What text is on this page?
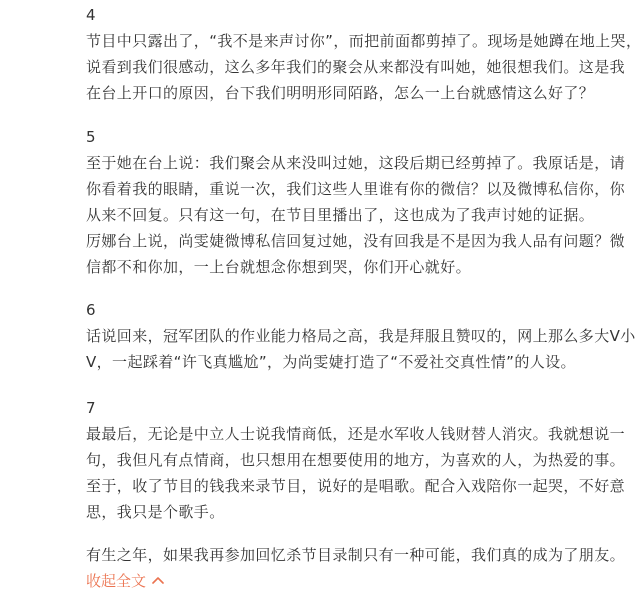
4
节目中只露出了，“我不是来声讨你”，而把前面都剪掉了。现场是她蹲在地上哭，
说看到我们很感动，这么多年我们的聚会从来都没有叫她，她很想我们。这是我
在台上开口的原因，台下我们明明形同陌路，怎么一上台就感情这么好了？
5
至于她在台上说：我们聚会从来没叫过她，这段后期已经剪掉了。我原话是，请
你看着我的眼睛，重说一次，我们这些人里谁有你的微信？以及微博私信你，你
从来不回复。只有这一句，在节目里播出了，这也成为了我声讨她的证据。
厉娜台上说，尚雯婕微博私信回复过她，没有回我是不是因为我人品有问题？微
信都不和你加，一上台就想念你想到哭，你们开心就好。
6
话说回来，冠军团队的作业能力格局之高，我是拜服且赞叹的，网上那么多大V小
V，一起踩着“许飞真尴尬”，为尚雯婕打造了“不爱社交真性情”的人设。
7
最最后，无论是中立人士说我情商低，还是水军收人钱财替人消灾。我就想说一
句，我但凡有点情商，也只想用在想要使用的地方，为喜欢的人，为热爱的事。
至于，收了节目的钱我来录节目，说好的是唱歌。配合入戏陪你一起哭，不好意
思，我只是个歌手。
有生之年，如果我再参加回忆杀节目录制只有一种可能，我们真的成为了朋友。
收起全文
